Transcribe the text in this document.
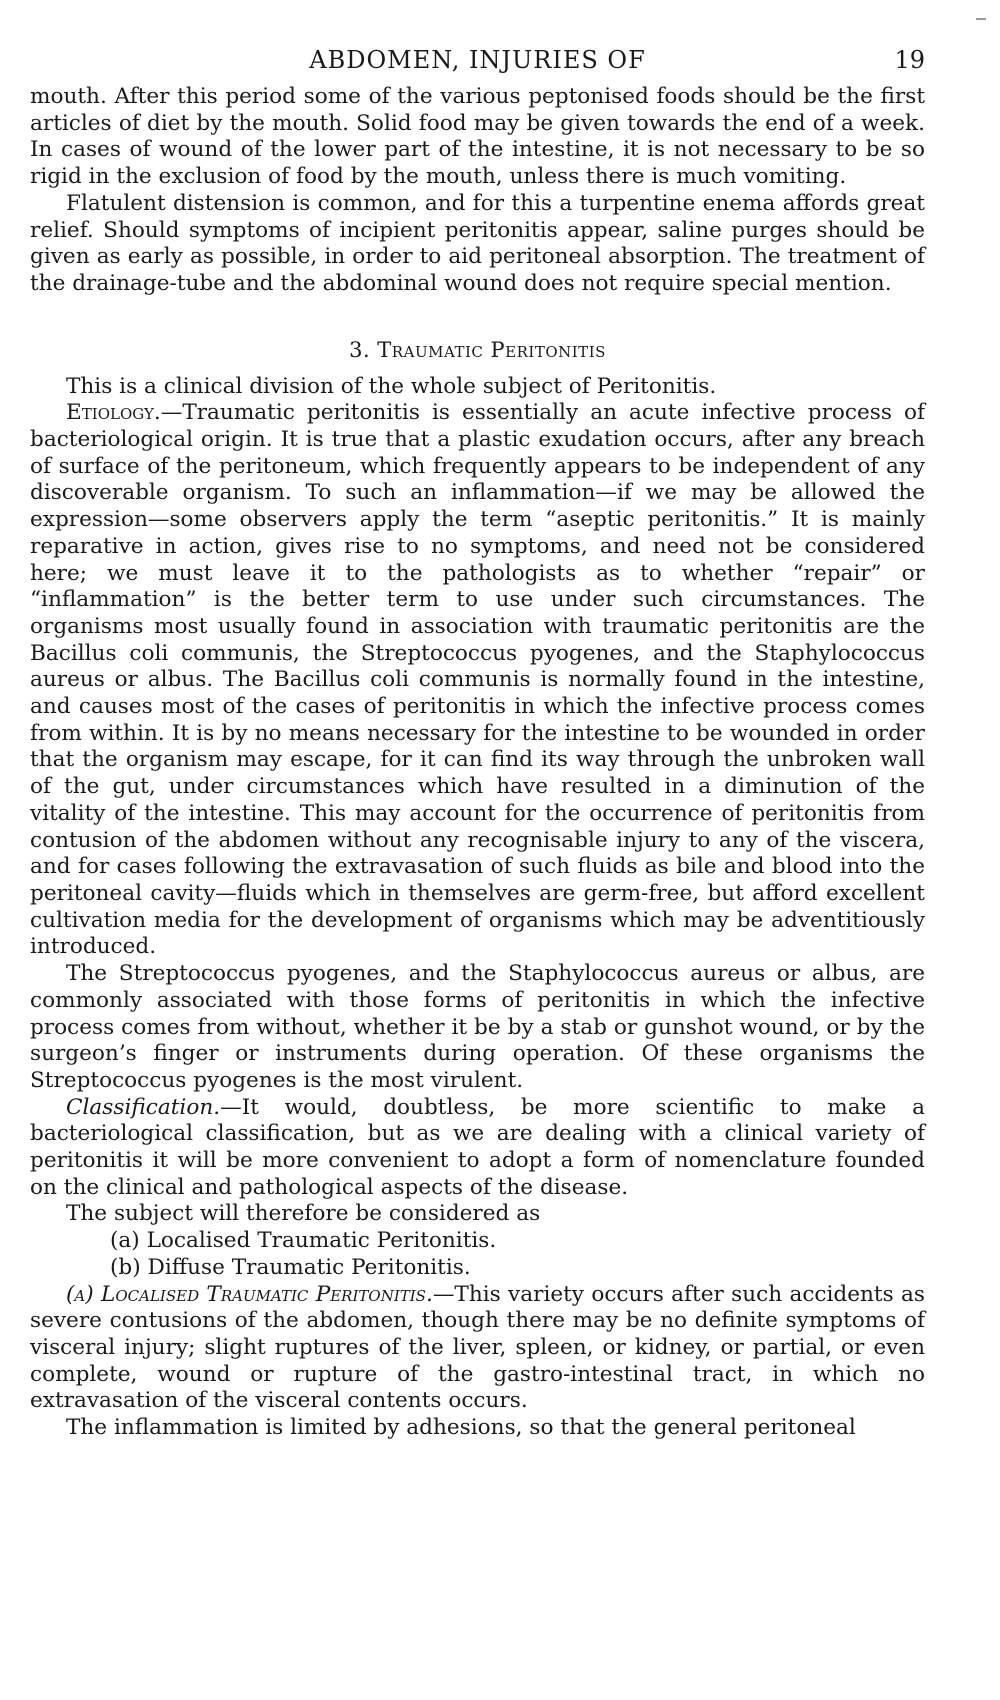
ABDOMEN, INJURIES OF	19

mouth. After this period some of the various peptonised foods should be the first articles of diet by the mouth. Solid food may be given towards the end of a week. In cases of wound of the lower part of the intestine, it is not necessary to be so rigid in the exclusion of food by the mouth, unless there is much vomiting.

Flatulent distension is common, and for this a turpentine enema affords great relief. Should symptoms of incipient peritonitis appear, saline purges should be given as early as possible, in order to aid peritoneal absorption. The treatment of the drainage-tube and the abdominal wound does not require special mention.

3. Traumatic Peritonitis

This is a clinical division of the whole subject of Peritonitis.

Etiology.—Traumatic peritonitis is essentially an acute infective process of bacteriological origin. It is true that a plastic exudation occurs, after any breach of surface of the peritoneum, which frequently appears to be independent of any discoverable organism. To such an inflammation—if we may be allowed the expression—some observers apply the term “aseptic peritonitis.” It is mainly reparative in action, gives rise to no symptoms, and need not be considered here; we must leave it to the pathologists as to whether “repair” or “inflammation” is the better term to use under such circumstances. The organisms most usually found in association with traumatic peritonitis are the Bacillus coli communis, the Streptococcus pyogenes, and the Staphylococcus aureus or albus. The Bacillus coli communis is normally found in the intestine, and causes most of the cases of peritonitis in which the infective process comes from within. It is by no means necessary for the intestine to be wounded in order that the organism may escape, for it can find its way through the unbroken wall of the gut, under circumstances which have resulted in a diminution of the vitality of the intestine. This may account for the occurrence of peritonitis from contusion of the abdomen without any recognisable injury to any of the viscera, and for cases following the extravasation of such fluids as bile and blood into the peritoneal cavity—fluids which in themselves are germ-free, but afford excellent cultivation media for the development of organisms which may be adventitiously introduced.

The Streptococcus pyogenes, and the Staphylococcus aureus or albus, are commonly associated with those forms of peritonitis in which the infective process comes from without, whether it be by a stab or gunshot wound, or by the surgeon’s finger or instruments during operation. Of these organisms the Streptococcus pyogenes is the most virulent.

Classification.—It would, doubtless, be more scientific to make a bacteriological classification, but as we are dealing with a clinical variety of peritonitis it will be more convenient to adopt a form of nomenclature founded on the clinical and pathological aspects of the disease.

The subject will therefore be considered as

(a) Localised Traumatic Peritonitis.
(b) Diffuse Traumatic Peritonitis.

(a) Localised Traumatic Peritonitis.—This variety occurs after such accidents as severe contusions of the abdomen, though there may be no definite symptoms of visceral injury; slight ruptures of the liver, spleen, or kidney, or partial, or even complete, wound or rupture of the gastro-intestinal tract, in which no extravasation of the visceral contents occurs.

The inflammation is limited by adhesions, so that the general peritoneal
